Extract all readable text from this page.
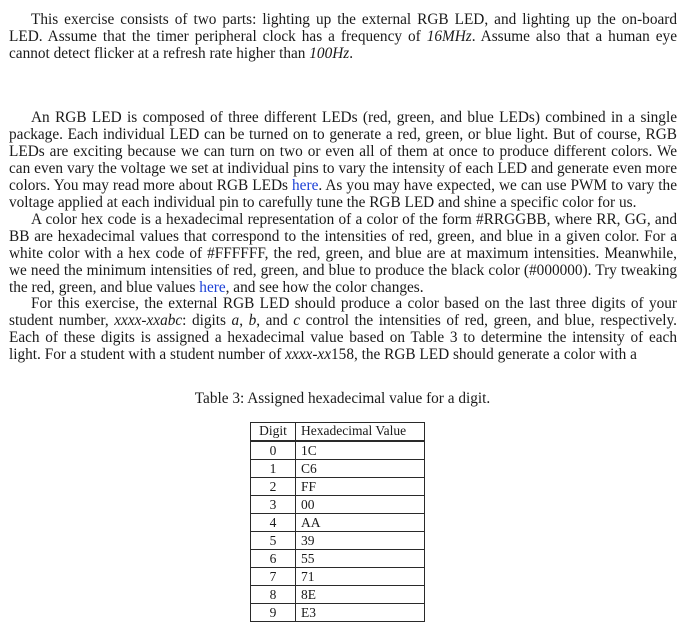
This exercise consists of two parts: lighting up the external RGB LED, and lighting up the on-board LED. Assume that the timer peripheral clock has a frequency of 16MHz. Assume also that a human eye cannot detect flicker at a refresh rate higher than 100Hz.

An RGB LED is composed of three different LEDs (red, green, and blue LEDs) combined in a single package. Each individual LED can be turned on to generate a red, green, or blue light. But of course, RGB LEDs are exciting because we can turn on two or even all of them at once to produce different colors. We can even vary the voltage we set at individual pins to vary the intensity of each LED and generate even more colors. You may read more about RGB LEDs here. As you may have expected, we can use PWM to vary the voltage applied at each individual pin to carefully tune the RGB LED and shine a specific color for us.

A color hex code is a hexadecimal representation of a color of the form #RRGGBB, where RR, GG, and BB are hexadecimal values that correspond to the intensities of red, green, and blue in a given color. For a white color with a hex code of #FFFFFF, the red, green, and blue are at maximum intensities. Meanwhile, we need the minimum intensities of red, green, and blue to produce the black color (#000000). Try tweaking the red, green, and blue values here, and see how the color changes.

For this exercise, the external RGB LED should produce a color based on the last three digits of your student number, xxxx-xxabc: digits a, b, and c control the intensities of red, green, and blue, respectively. Each of these digits is assigned a hexadecimal value based on Table 3 to determine the intensity of each light. For a student with a student number of xxxx-xx158, the RGB LED should generate a color with a

Table 3: Assigned hexadecimal value for a digit.
Digit	Hexadecimal Value
0	1C
1	C6
2	FF
3	00
4	AA
5	39
6	55
7	71
8	8E
9	E3
